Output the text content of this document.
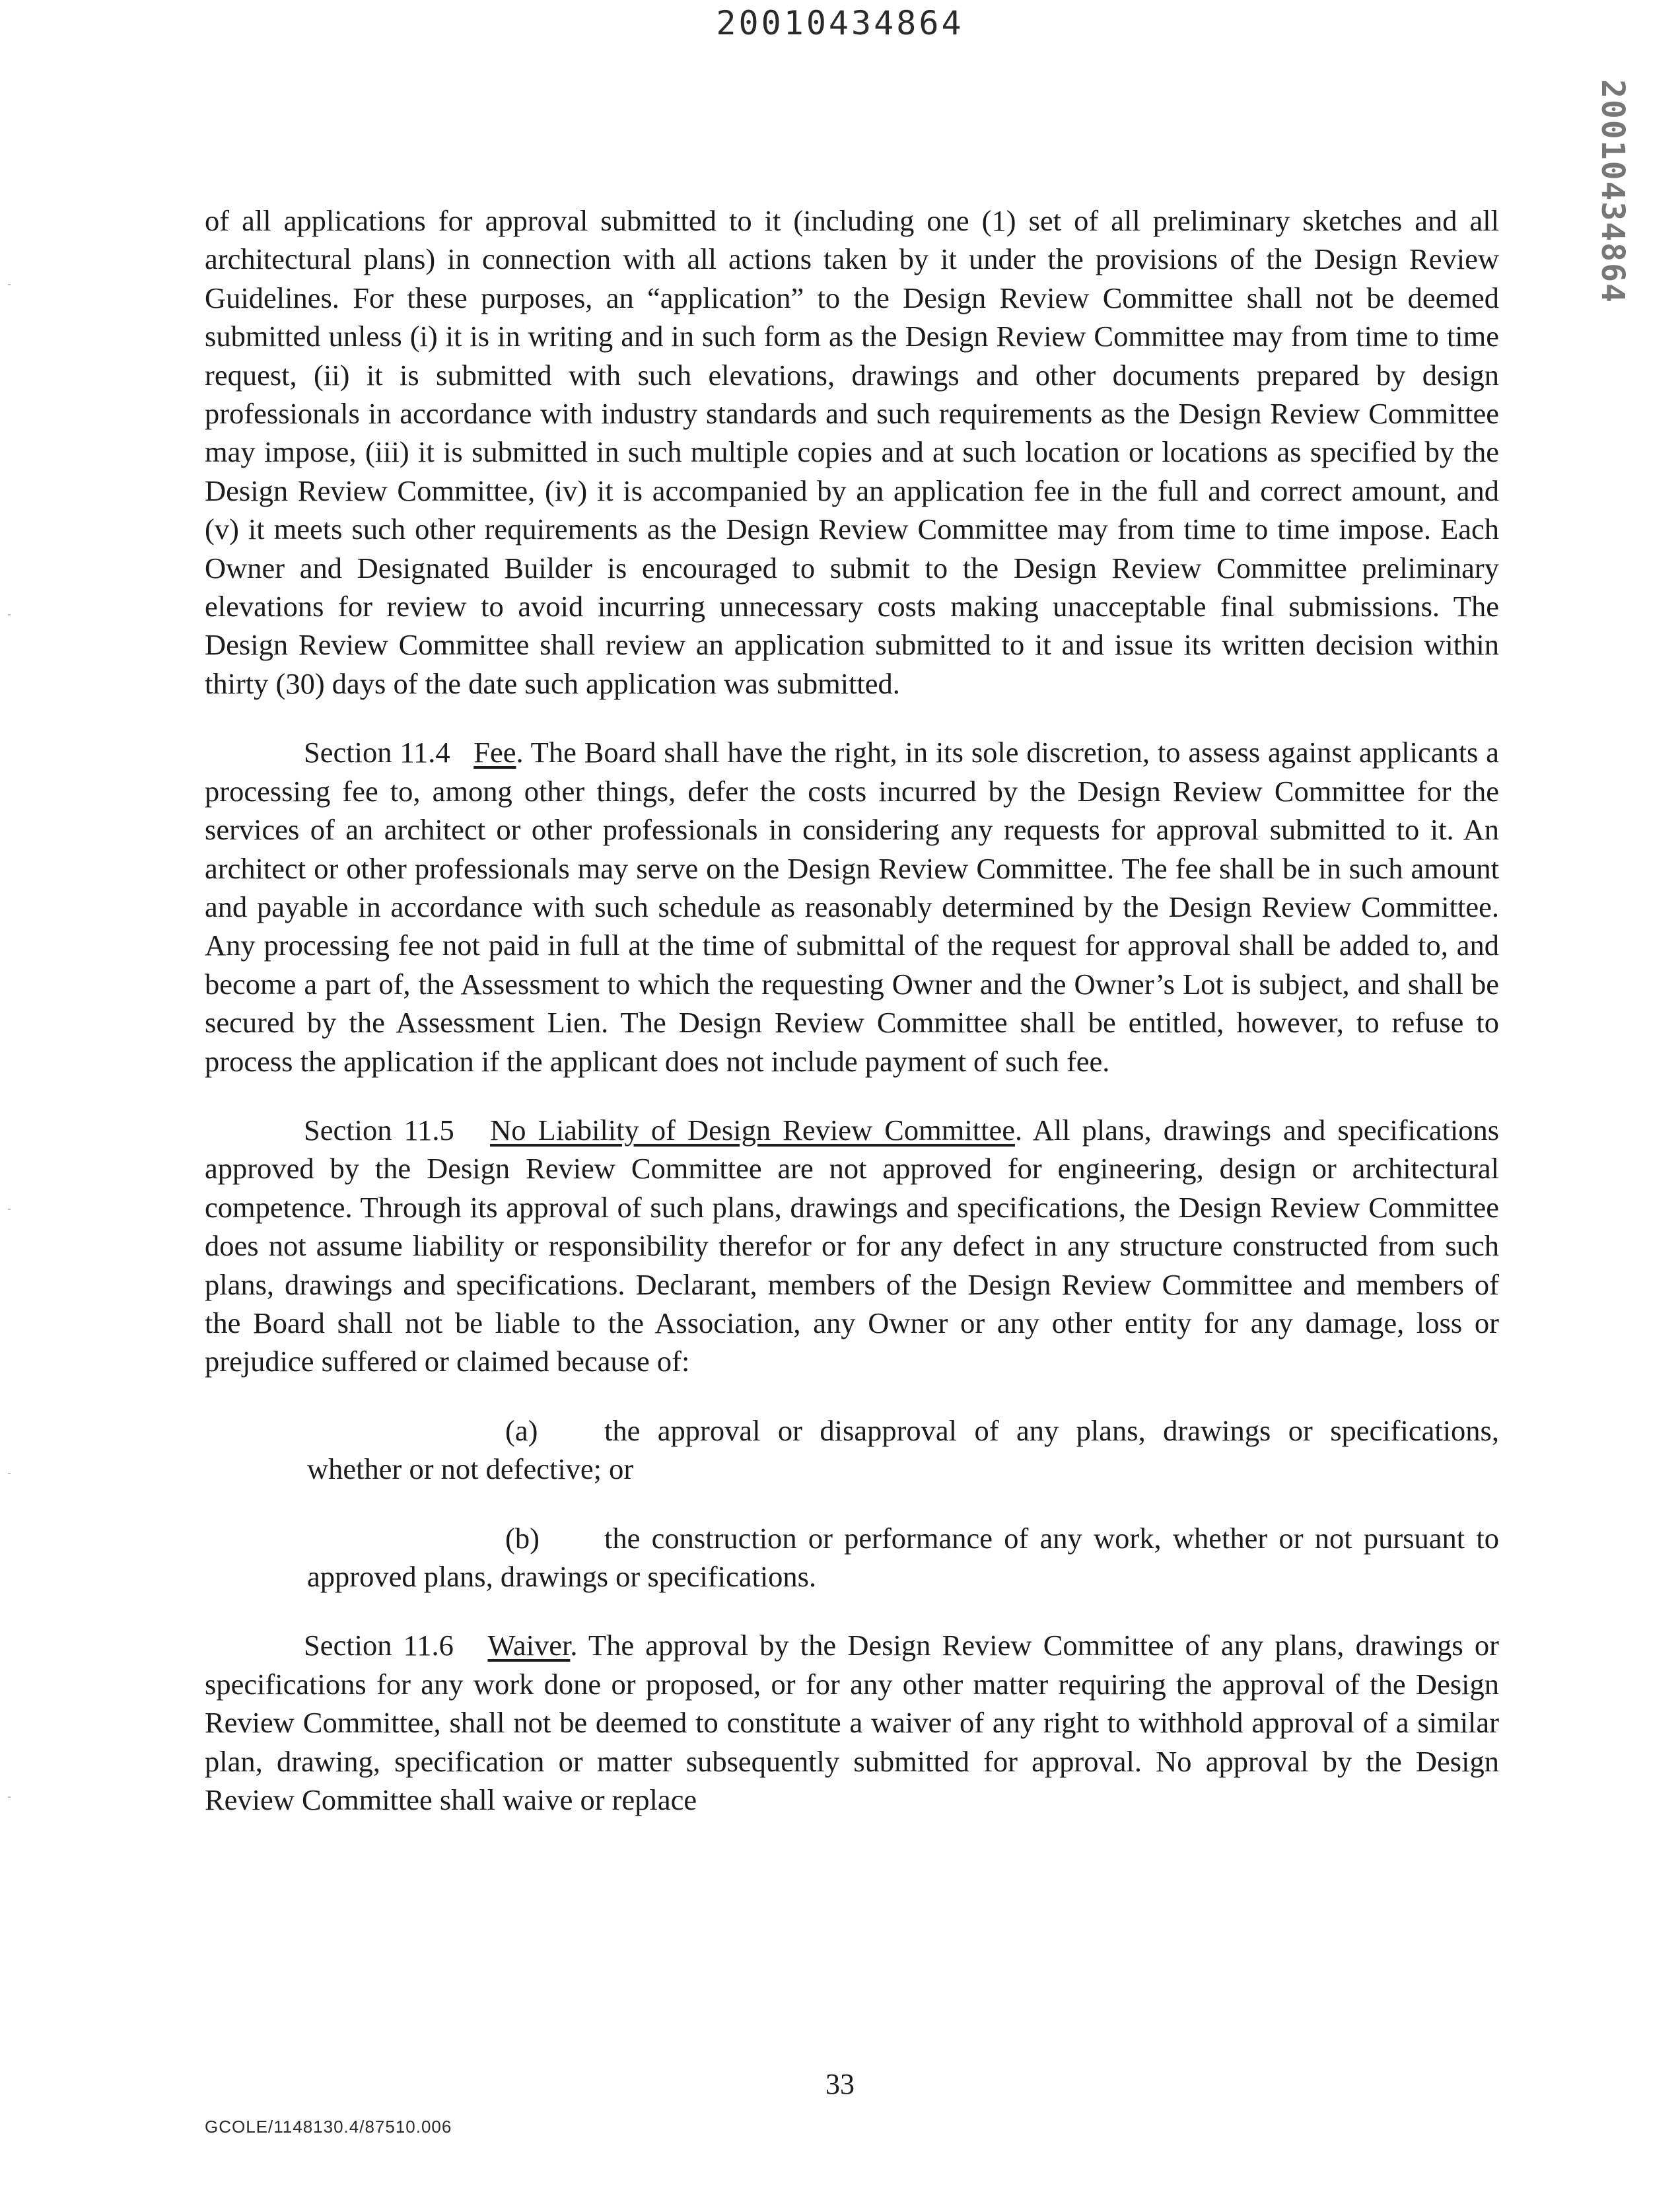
20010434864
20010434864

of all applications for approval submitted to it (including one (1) set of all preliminary sketches and all architectural plans) in connection with all actions taken by it under the provisions of the Design Review Guidelines. For these purposes, an “application” to the Design Review Committee shall not be deemed submitted unless (i) it is in writing and in such form as the Design Review Committee may from time to time request, (ii) it is submitted with such elevations, drawings and other documents prepared by design professionals in accordance with industry standards and such requirements as the Design Review Committee may impose, (iii) it is submitted in such multiple copies and at such location or locations as specified by the Design Review Committee, (iv) it is accompanied by an application fee in the full and correct amount, and (v) it meets such other requirements as the Design Review Committee may from time to time impose. Each Owner and Designated Builder is encouraged to submit to the Design Review Committee preliminary elevations for review to avoid incurring unnecessary costs making unacceptable final submissions. The Design Review Committee shall review an application submitted to it and issue its written decision within thirty (30) days of the date such application was submitted.

Section 11.4 Fee. The Board shall have the right, in its sole discretion, to assess against applicants a processing fee to, among other things, defer the costs incurred by the Design Review Committee for the services of an architect or other professionals in considering any requests for approval submitted to it. An architect or other professionals may serve on the Design Review Committee. The fee shall be in such amount and payable in accordance with such schedule as reasonably determined by the Design Review Committee. Any processing fee not paid in full at the time of submittal of the request for approval shall be added to, and become a part of, the Assessment to which the requesting Owner and the Owner’s Lot is subject, and shall be secured by the Assessment Lien. The Design Review Committee shall be entitled, however, to refuse to process the application if the applicant does not include payment of such fee.

Section 11.5 No Liability of Design Review Committee. All plans, drawings and specifications approved by the Design Review Committee are not approved for engineering, design or architectural competence. Through its approval of such plans, drawings and specifications, the Design Review Committee does not assume liability or responsibility therefor or for any defect in any structure constructed from such plans, drawings and specifications. Declarant, members of the Design Review Committee and members of the Board shall not be liable to the Association, any Owner or any other entity for any damage, loss or prejudice suffered or claimed because of:

(a) the approval or disapproval of any plans, drawings or specifications, whether or not defective; or

(b) the construction or performance of any work, whether or not pursuant to approved plans, drawings or specifications.

Section 11.6 Waiver. The approval by the Design Review Committee of any plans, drawings or specifications for any work done or proposed, or for any other matter requiring the approval of the Design Review Committee, shall not be deemed to constitute a waiver of any right to withhold approval of a similar plan, drawing, specification or matter subsequently submitted for approval. No approval by the Design Review Committee shall waive or replace

33
GCOLE/1148130.4/87510.006
